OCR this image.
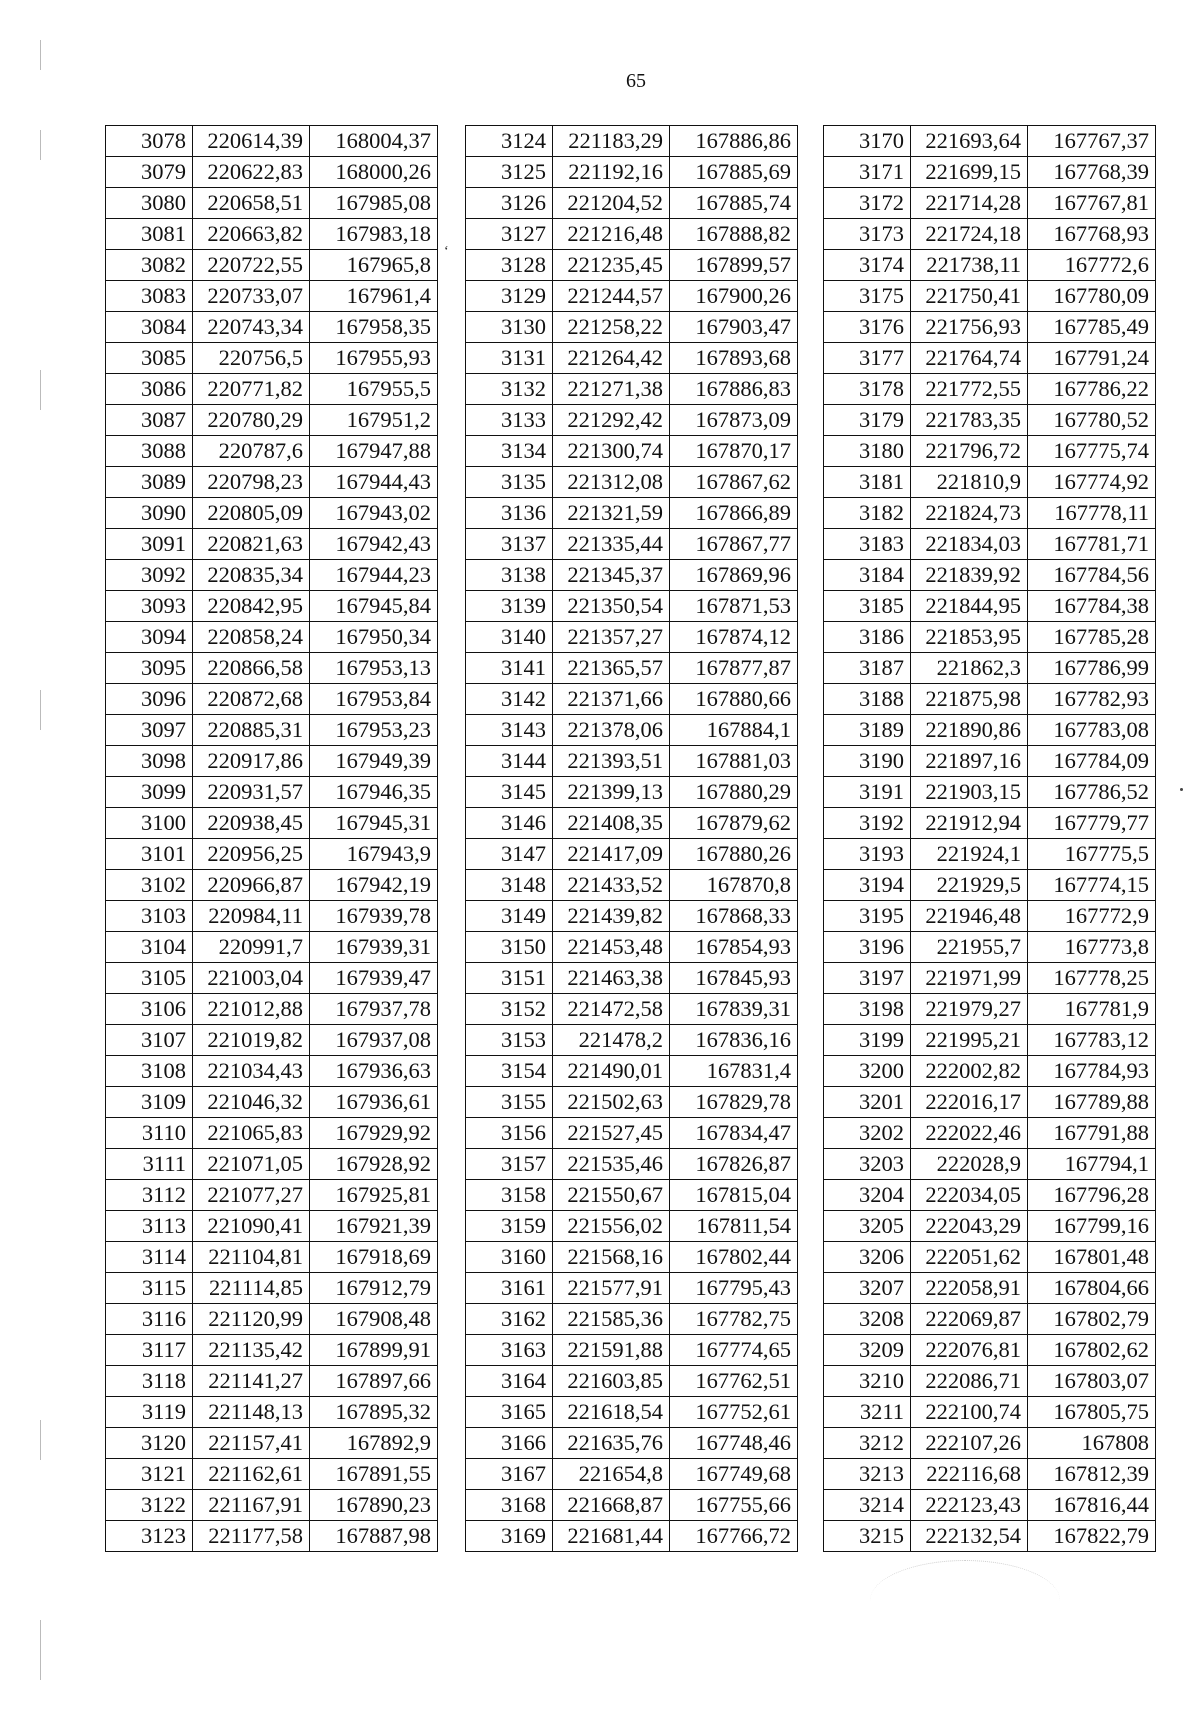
65
3078	220614,39	168004,37
3079	220622,83	168000,26
3080	220658,51	167985,08
3081	220663,82	167983,18
3082	220722,55	167965,8
3083	220733,07	167961,4
3084	220743,34	167958,35
3085	220756,5	167955,93
3086	220771,82	167955,5
3087	220780,29	167951,2
3088	220787,6	167947,88
3089	220798,23	167944,43
3090	220805,09	167943,02
3091	220821,63	167942,43
3092	220835,34	167944,23
3093	220842,95	167945,84
3094	220858,24	167950,34
3095	220866,58	167953,13
3096	220872,68	167953,84
3097	220885,31	167953,23
3098	220917,86	167949,39
3099	220931,57	167946,35
3100	220938,45	167945,31
3101	220956,25	167943,9
3102	220966,87	167942,19
3103	220984,11	167939,78
3104	220991,7	167939,31
3105	221003,04	167939,47
3106	221012,88	167937,78
3107	221019,82	167937,08
3108	221034,43	167936,63
3109	221046,32	167936,61
3110	221065,83	167929,92
3111	221071,05	167928,92
3112	221077,27	167925,81
3113	221090,41	167921,39
3114	221104,81	167918,69
3115	221114,85	167912,79
3116	221120,99	167908,48
3117	221135,42	167899,91
3118	221141,27	167897,66
3119	221148,13	167895,32
3120	221157,41	167892,9
3121	221162,61	167891,55
3122	221167,91	167890,23
3123	221177,58	167887,98
3124	221183,29	167886,86
3125	221192,16	167885,69
3126	221204,52	167885,74
3127	221216,48	167888,82
3128	221235,45	167899,57
3129	221244,57	167900,26
3130	221258,22	167903,47
3131	221264,42	167893,68
3132	221271,38	167886,83
3133	221292,42	167873,09
3134	221300,74	167870,17
3135	221312,08	167867,62
3136	221321,59	167866,89
3137	221335,44	167867,77
3138	221345,37	167869,96
3139	221350,54	167871,53
3140	221357,27	167874,12
3141	221365,57	167877,87
3142	221371,66	167880,66
3143	221378,06	167884,1
3144	221393,51	167881,03
3145	221399,13	167880,29
3146	221408,35	167879,62
3147	221417,09	167880,26
3148	221433,52	167870,8
3149	221439,82	167868,33
3150	221453,48	167854,93
3151	221463,38	167845,93
3152	221472,58	167839,31
3153	221478,2	167836,16
3154	221490,01	167831,4
3155	221502,63	167829,78
3156	221527,45	167834,47
3157	221535,46	167826,87
3158	221550,67	167815,04
3159	221556,02	167811,54
3160	221568,16	167802,44
3161	221577,91	167795,43
3162	221585,36	167782,75
3163	221591,88	167774,65
3164	221603,85	167762,51
3165	221618,54	167752,61
3166	221635,76	167748,46
3167	221654,8	167749,68
3168	221668,87	167755,66
3169	221681,44	167766,72
3170	221693,64	167767,37
3171	221699,15	167768,39
3172	221714,28	167767,81
3173	221724,18	167768,93
3174	221738,11	167772,6
3175	221750,41	167780,09
3176	221756,93	167785,49
3177	221764,74	167791,24
3178	221772,55	167786,22
3179	221783,35	167780,52
3180	221796,72	167775,74
3181	221810,9	167774,92
3182	221824,73	167778,11
3183	221834,03	167781,71
3184	221839,92	167784,56
3185	221844,95	167784,38
3186	221853,95	167785,28
3187	221862,3	167786,99
3188	221875,98	167782,93
3189	221890,86	167783,08
3190	221897,16	167784,09
3191	221903,15	167786,52
3192	221912,94	167779,77
3193	221924,1	167775,5
3194	221929,5	167774,15
3195	221946,48	167772,9
3196	221955,7	167773,8
3197	221971,99	167778,25
3198	221979,27	167781,9
3199	221995,21	167783,12
3200	222002,82	167784,93
3201	222016,17	167789,88
3202	222022,46	167791,88
3203	222028,9	167794,1
3204	222034,05	167796,28
3205	222043,29	167799,16
3206	222051,62	167801,48
3207	222058,91	167804,66
3208	222069,87	167802,79
3209	222076,81	167802,62
3210	222086,71	167803,07
3211	222100,74	167805,75
3212	222107,26	167808
3213	222116,68	167812,39
3214	222123,43	167816,44
3215	222132,54	167822,79
‘
